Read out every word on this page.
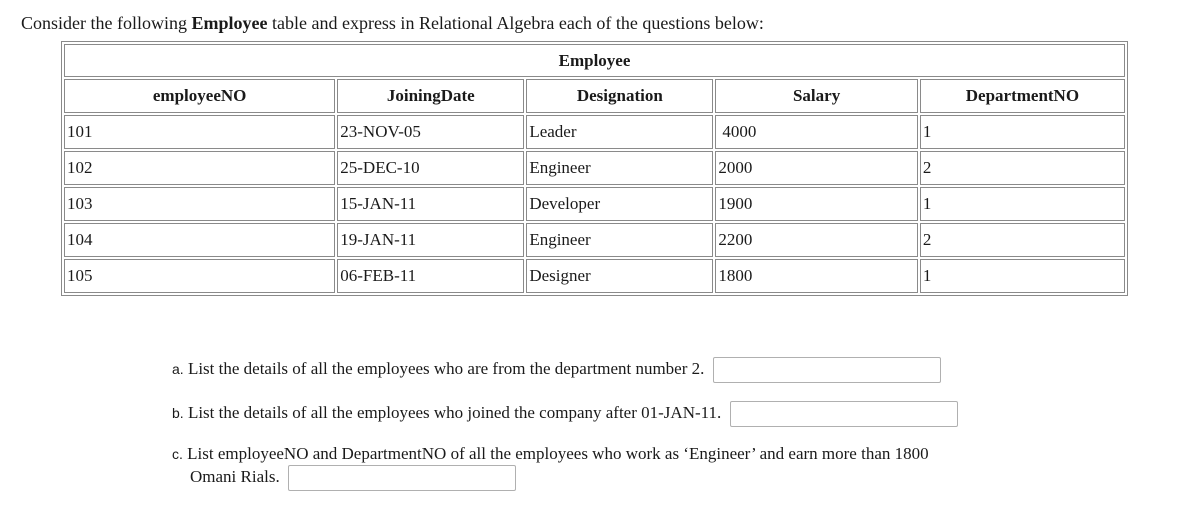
Consider the following Employee table and express in Relational Algebra each of the questions below:

Employee				
employeeNO	JoiningDate	Designation	Salary	DepartmentNO
101	23-NOV-05	Leader	4000	1
102	25-DEC-10	Engineer	2000	2
103	15-JAN-11	Developer	1900	1
104	19-JAN-11	Engineer	2200	2
105	06-FEB-11	Designer	1800	1
a. List the details of all the employees who are from the department number 2.
b. List the details of all the employees who joined the company after 01-JAN-11.
c. List employeeNO and DepartmentNO of all the employees who work as ‘Engineer’ and earn more than 1800
Omani Rials.
